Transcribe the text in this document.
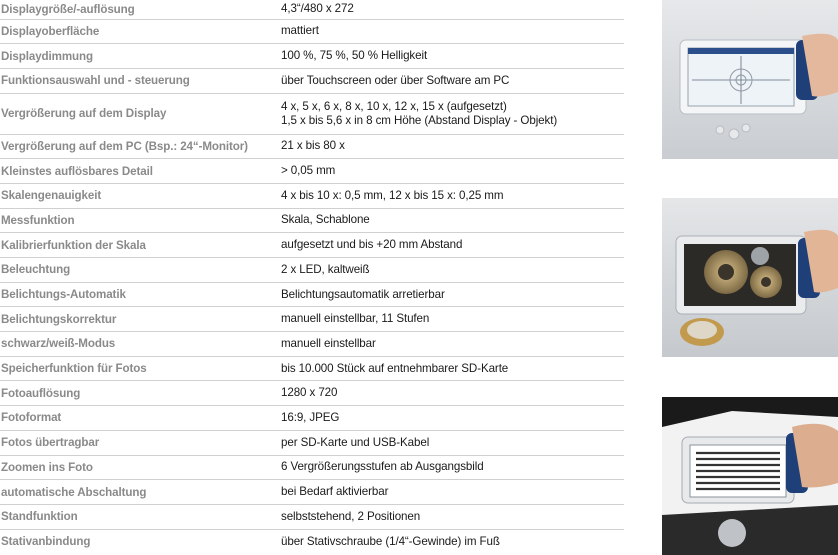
Displaygröße/-auflösung	4,3“/480 x 272

Displayoberfläche	mattiert

Displaydimmung	100 %, 75 %, 50 % Helligkeit

Funktionsauswahl und - steuerung	über Touchscreen oder über Software am PC

Vergrößerung auf dem Display	4 x, 5 x, 6 x, 8 x, 10 x, 12 x, 15 x (aufgesetzt)
1,5 x bis 5,6 x in 8 cm Höhe (Abstand Display - Objekt)

Vergrößerung auf dem PC (Bsp.: 24“-Monitor)	21 x bis 80 x

Kleinstes auflösbares Detail	> 0,05 mm

Skalengenauigkeit	4 x bis 10 x: 0,5 mm, 12 x bis 15 x: 0,25 mm

Messfunktion	Skala, Schablone

Kalibrierfunktion der Skala	aufgesetzt und bis +20 mm Abstand

Beleuchtung	2 x LED, kaltweiß

Belichtungs-Automatik	Belichtungsautomatik arretierbar

Belichtungskorrektur	manuell einstellbar, 11 Stufen

schwarz/weiß-Modus	manuell einstellbar

Speicherfunktion für Fotos	bis 10.000 Stück auf entnehmbarer SD-Karte

Fotoauflösung	1280 x 720

Fotoformat	16:9, JPEG

Fotos übertragbar	per SD-Karte und USB-Kabel

Zoomen ins Foto	6 Vergrößerungsstufen ab Ausgangsbild

automatische Abschaltung	bei Bedarf aktivierbar

Standfunktion	selbststehend, 2 Positionen

Stativanbindung	über Stativschraube (1/4“-Gewinde) im Fuß
